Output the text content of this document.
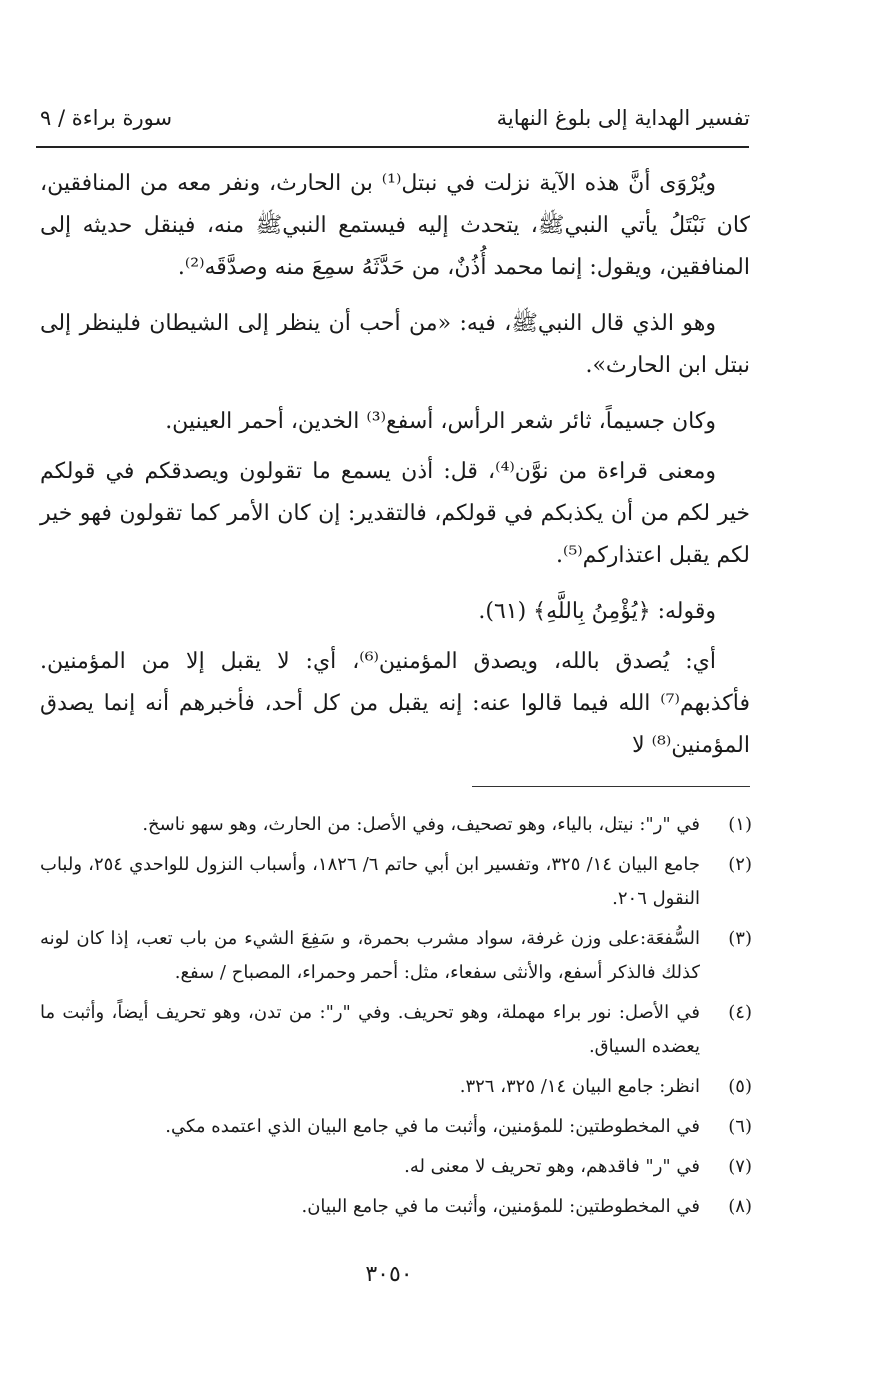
تفسير الهداية إلى بلوغ النهاية
سورة براءة / ٩

ويُرْوَى أنَّ هذه الآية نزلت في نبتل⁽¹⁾ بن الحارث، ونفر معه من المنافقين، كان نَبْتَلُ يأتي النبيﷺ، يتحدث إليه فيستمع النبيﷺ منه، فينقل حديثه إلى المنافقين، ويقول: إنما محمد أُذُنٌ، من حَدَّثَهُ سمِعَ منه وصدَّقَه⁽²⁾.

وهو الذي قال النبيﷺ، فيه: «من أحب أن ينظر إلى الشيطان فلينظر إلى نبتل ابن الحارث».

وكان جسيماً، ثائر شعر الرأس، أسفع⁽³⁾ الخدين، أحمر العينين.

ومعنى قراءة من نوَّن⁽⁴⁾، قل: أذن يسمع ما تقولون ويصدقكم في قولكم خير لكم من أن يكذبكم في قولكم، فالتقدير: إن كان الأمر كما تقولون فهو خير لكم يقبل اعتذاركم⁽⁵⁾.

وقوله: ﴿يُؤْمِنُ بِاللَّهِ﴾ (٦١).

أي: يُصدق بالله، ويصدق المؤمنين⁽⁶⁾، أي: لا يقبل إلا من المؤمنين. فأكذبهم⁽⁷⁾ الله فيما قالوا عنه: إنه يقبل من كل أحد، فأخبرهم أنه إنما يصدق المؤمنين⁽⁸⁾ لا

(١)
في "ر": نيتل، بالياء، وهو تصحيف، وفي الأصل: من الحارث، وهو سهو ناسخ.
(٢)
جامع البيان ١٤/ ٣٢٥، وتفسير ابن أبي حاتم ٦/ ١٨٢٦، وأسباب النزول للواحدي ٢٥٤، ولباب النقول ٢٠٦.
(٣)
السُّفعَة:على وزن غرفة، سواد مشرب بحمرة، و سَفِعَ الشيء من باب تعب، إذا كان لونه كذلك فالذكر أسفع، والأنثى سفعاء، مثل: أحمر وحمراء، المصباح / سفع.
(٤)
في الأصل: نور براء مهملة، وهو تحريف. وفي "ر": من تدن، وهو تحريف أيضاً، وأثبت ما يعضده السياق.
(٥)
انظر: جامع البيان ١٤/ ٣٢٥، ٣٢٦.
(٦)
في المخطوطتين: للمؤمنين، وأثبت ما في جامع البيان الذي اعتمده مكي.
(٧)
في "ر" فاقدهم، وهو تحريف لا معنى له.
(٨)
في المخطوطتين: للمؤمنين، وأثبت ما في جامع البيان.
٣٠٥٠
